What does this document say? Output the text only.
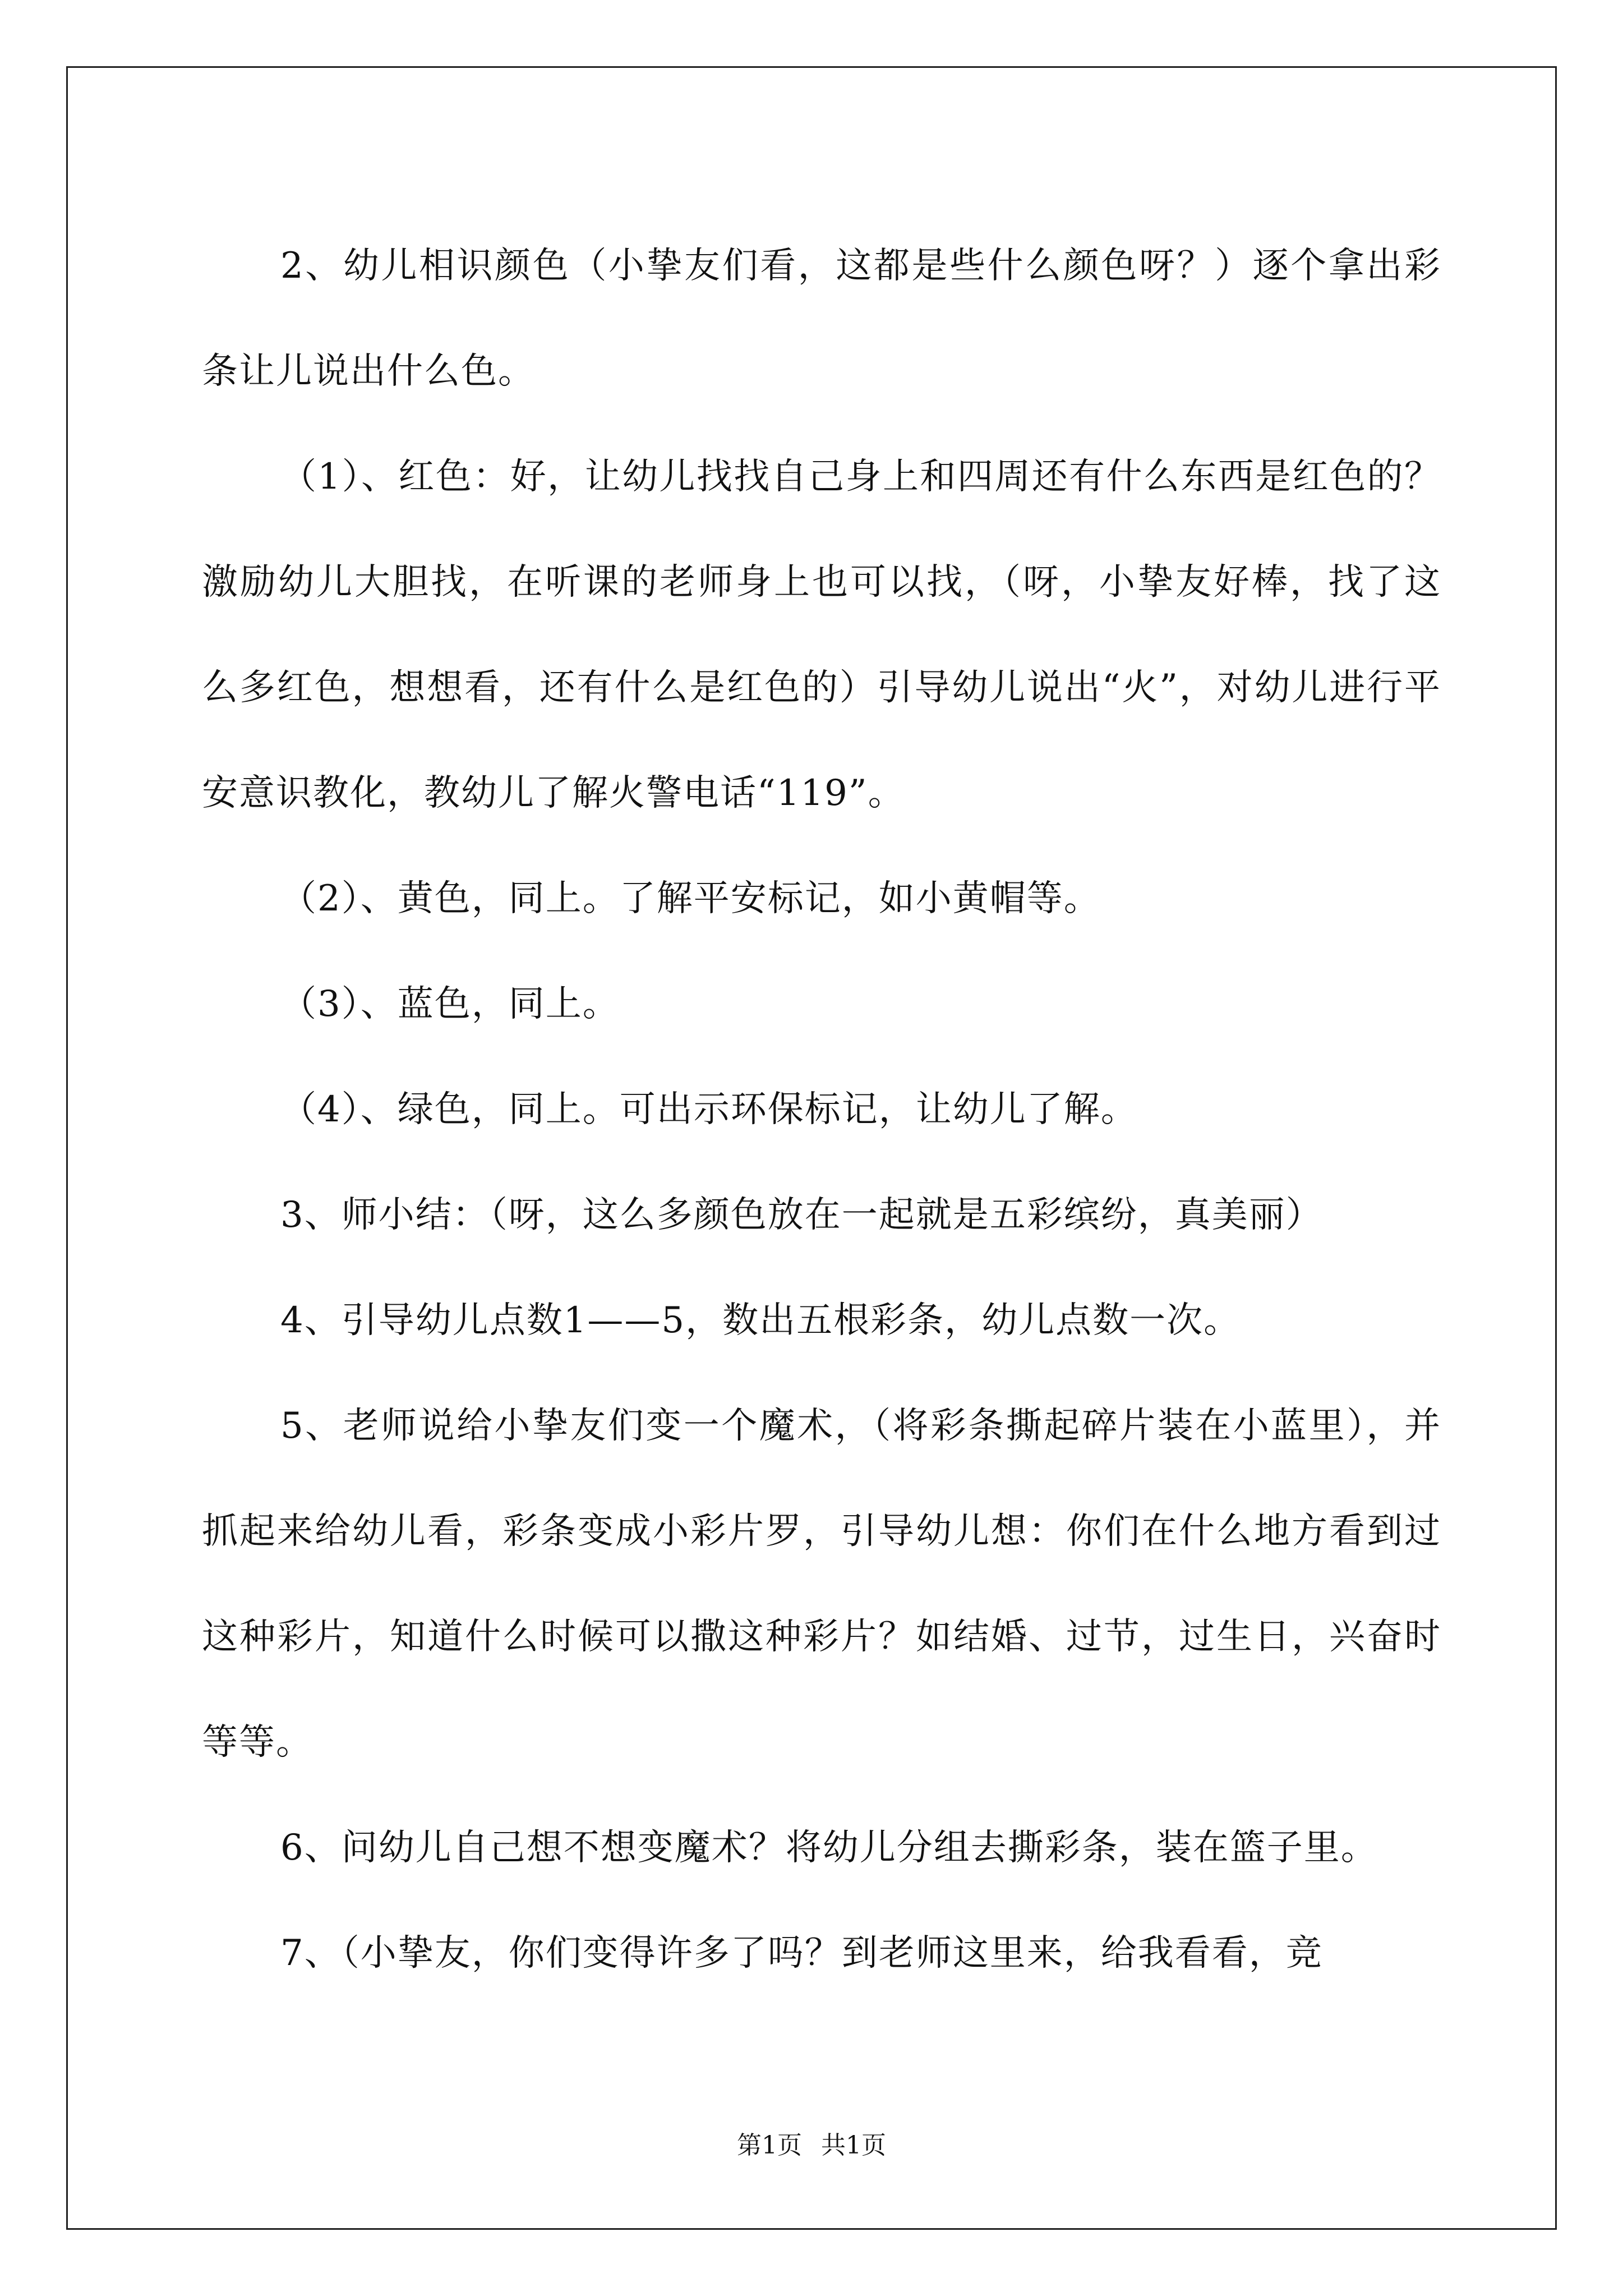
2、幼儿相识颜色（小挚友们看，这都是些什么颜色呀？）逐个拿出彩条让儿说出什么色。

（1）、红色：好，让幼儿找找自己身上和四周还有什么东西是红色的？激励幼儿大胆找，在听课的老师身上也可以找，（呀，小挚友好棒，找了这么多红色，想想看，还有什么是红色的）引导幼儿说出“火”，对幼儿进行平安意识教化，教幼儿了解火警电话“119”。

（2）、黄色，同上。了解平安标记，如小黄帽等。

（3）、蓝色，同上。

（4）、绿色，同上。可出示环保标记，让幼儿了解。

3、师小结：（呀，这么多颜色放在一起就是五彩缤纷，真美丽）

4、引导幼儿点数1——5，数出五根彩条，幼儿点数一次。

5、老师说给小挚友们变一个魔术，（将彩条撕起碎片装在小蓝里），并抓起来给幼儿看，彩条变成小彩片罗，引导幼儿想：你们在什么地方看到过这种彩片，知道什么时候可以撒这种彩片？如结婚、过节，过生日，兴奋时等等。

6、问幼儿自己想不想变魔术？将幼儿分组去撕彩条，装在篮子里。

7、（小挚友，你们变得许多了吗？到老师这里来，给我看看，竞

第1页 共1页
